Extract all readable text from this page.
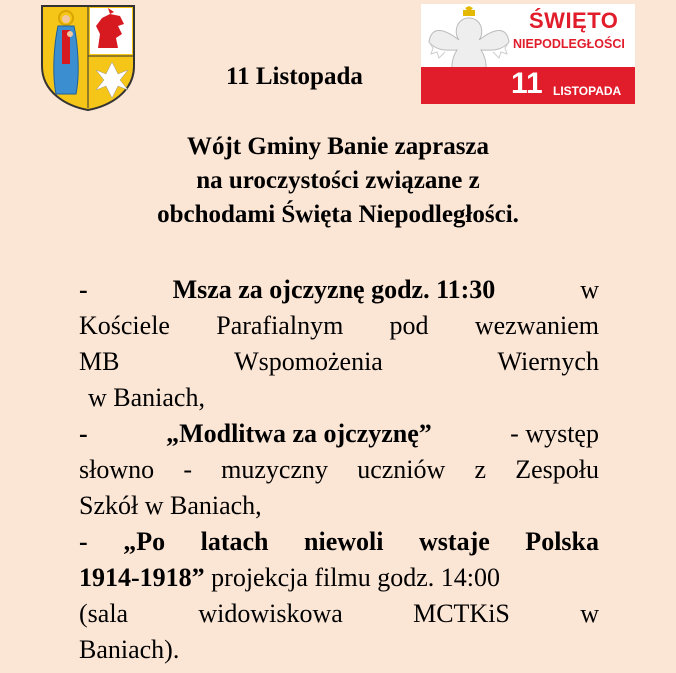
11 Listopada
ŚWIĘTO
NIEPODLEGŁOŚCI
11 LISTOPADA
Wójt Gminy Banie zaprasza
na uroczystości związane z
obchodami Święta Niepodległości.
-	Msza za ojczyznę godz. 11:30	w
Kościele Parafialnym pod wezwaniem
MB	Wspomożenia	Wiernych
w Baniach,
-	„Modlitwa za ojczyznę”	- występ
słowno - muzyczny uczniów z Zespołu
Szkół w Baniach,
- „Po latach niewoli wstaje Polska
1914-1918” projekcja filmu godz. 14:00
(sala	widowiskowa	MCTKiS	w
Baniach).
